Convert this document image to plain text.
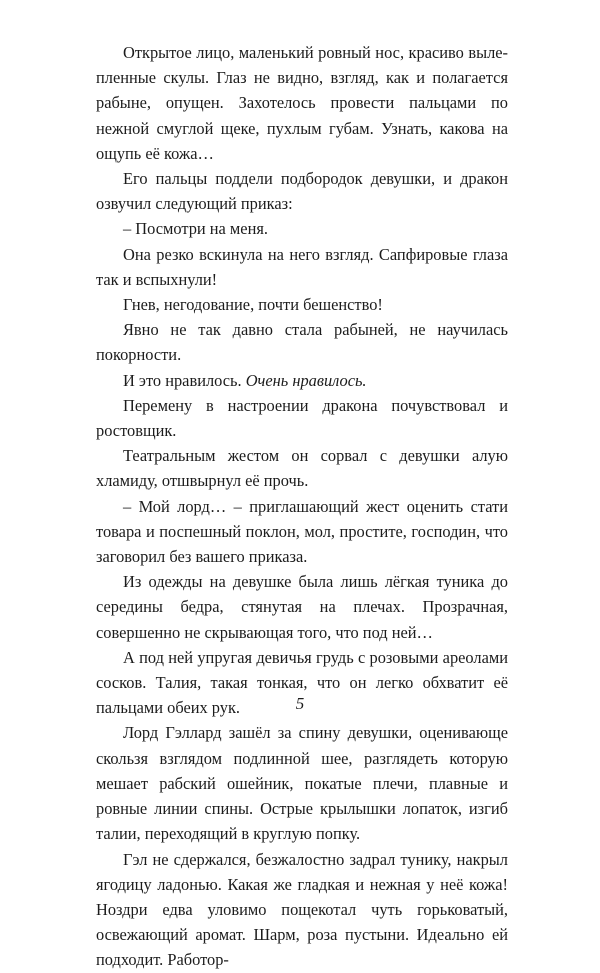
Открытое лицо, маленький ровный нос, красиво вылепленные скулы. Глаз не видно, взгляд, как и полагается рабыне, опущен. Захотелось провести пальцами по нежной смуглой щеке, пухлым губам. Узнать, какова на ощупь её кожа…

Его пальцы поддели подбородок девушки, и дракон озвучил следующий приказ:

– Посмотри на меня.

Она резко вскинула на него взгляд. Сапфировые глаза так и вспыхнули!

Гнев, негодование, почти бешенство!

Явно не так давно стала рабыней, не научилась покорности.

И это нравилось. Очень нравилось.

Перемену в настроении дракона почувствовал и ростовщик.

Театральным жестом он сорвал с девушки алую хламиду, отшвырнул её прочь.

– Мой лорд… – приглашающий жест оценить стати товара и поспешный поклон, мол, простите, господин, что заговорил без вашего приказа.

Из одежды на девушке была лишь лёгкая туника до середины бедра, стянутая на плечах. Прозрачная, совершенно не скрывающая того, что под ней…

А под ней упругая девичья грудь с розовыми ареолами сосков. Талия, такая тонкая, что он легко обхватит её пальцами обеих рук.

Лорд Гэллард зашёл за спину девушки, оценивающе скользя взглядом подлинной шее, разглядеть которую мешает рабский ошейник, покатые плечи, плавные и ровные линии спины. Острые крылышки лопаток, изгиб талии, переходящий в круглую попку.

Гэл не сдержался, безжалостно задрал тунику, накрыл ягодицу ладонью. Какая же гладкая и нежная у неё кожа! Ноздри едва уловимо пощекотал чуть горьковатый, освежающий аромат. Шарм, роза пустыни. Идеально ей подходит. Работор-

5
